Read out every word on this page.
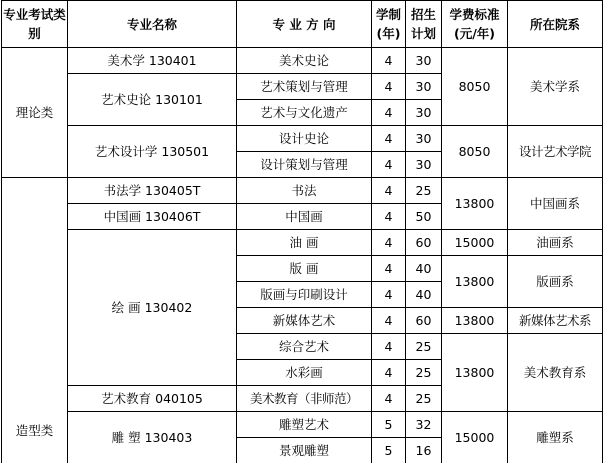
专业考试类别	专业名称	专 业 方 向	学制(年)	招生计划	学费标准(元/年)	所在院系
理论类	美术学 130401	美术史论	4	30	8050	美术学系
	艺术史论 130101	艺术策划与管理	4	30		
		艺术与文化遗产	4	30		
	艺术设计学 130501	设计史论	4	30	8050	设计艺术学院
		设计策划与管理	4	30		
造型类	书法学 130405T	书法	4	25	13800	中国画系
	中国画 130406T	中国画	4	50		
	绘 画 130402	油 画	4	60	15000	油画系
		版 画	4	40	13800	版画系
		版画与印刷设计	4	40		
		新媒体艺术	4	60	13800	新媒体艺术系
		综合艺术	4	25	13800	美术教育系
		水彩画	4	25		
	艺术教育 040105	美术教育（非师范）	4	25		
	雕 塑 130403	雕塑艺术	5	32	15000	雕塑系
		景观雕塑	5	16		
